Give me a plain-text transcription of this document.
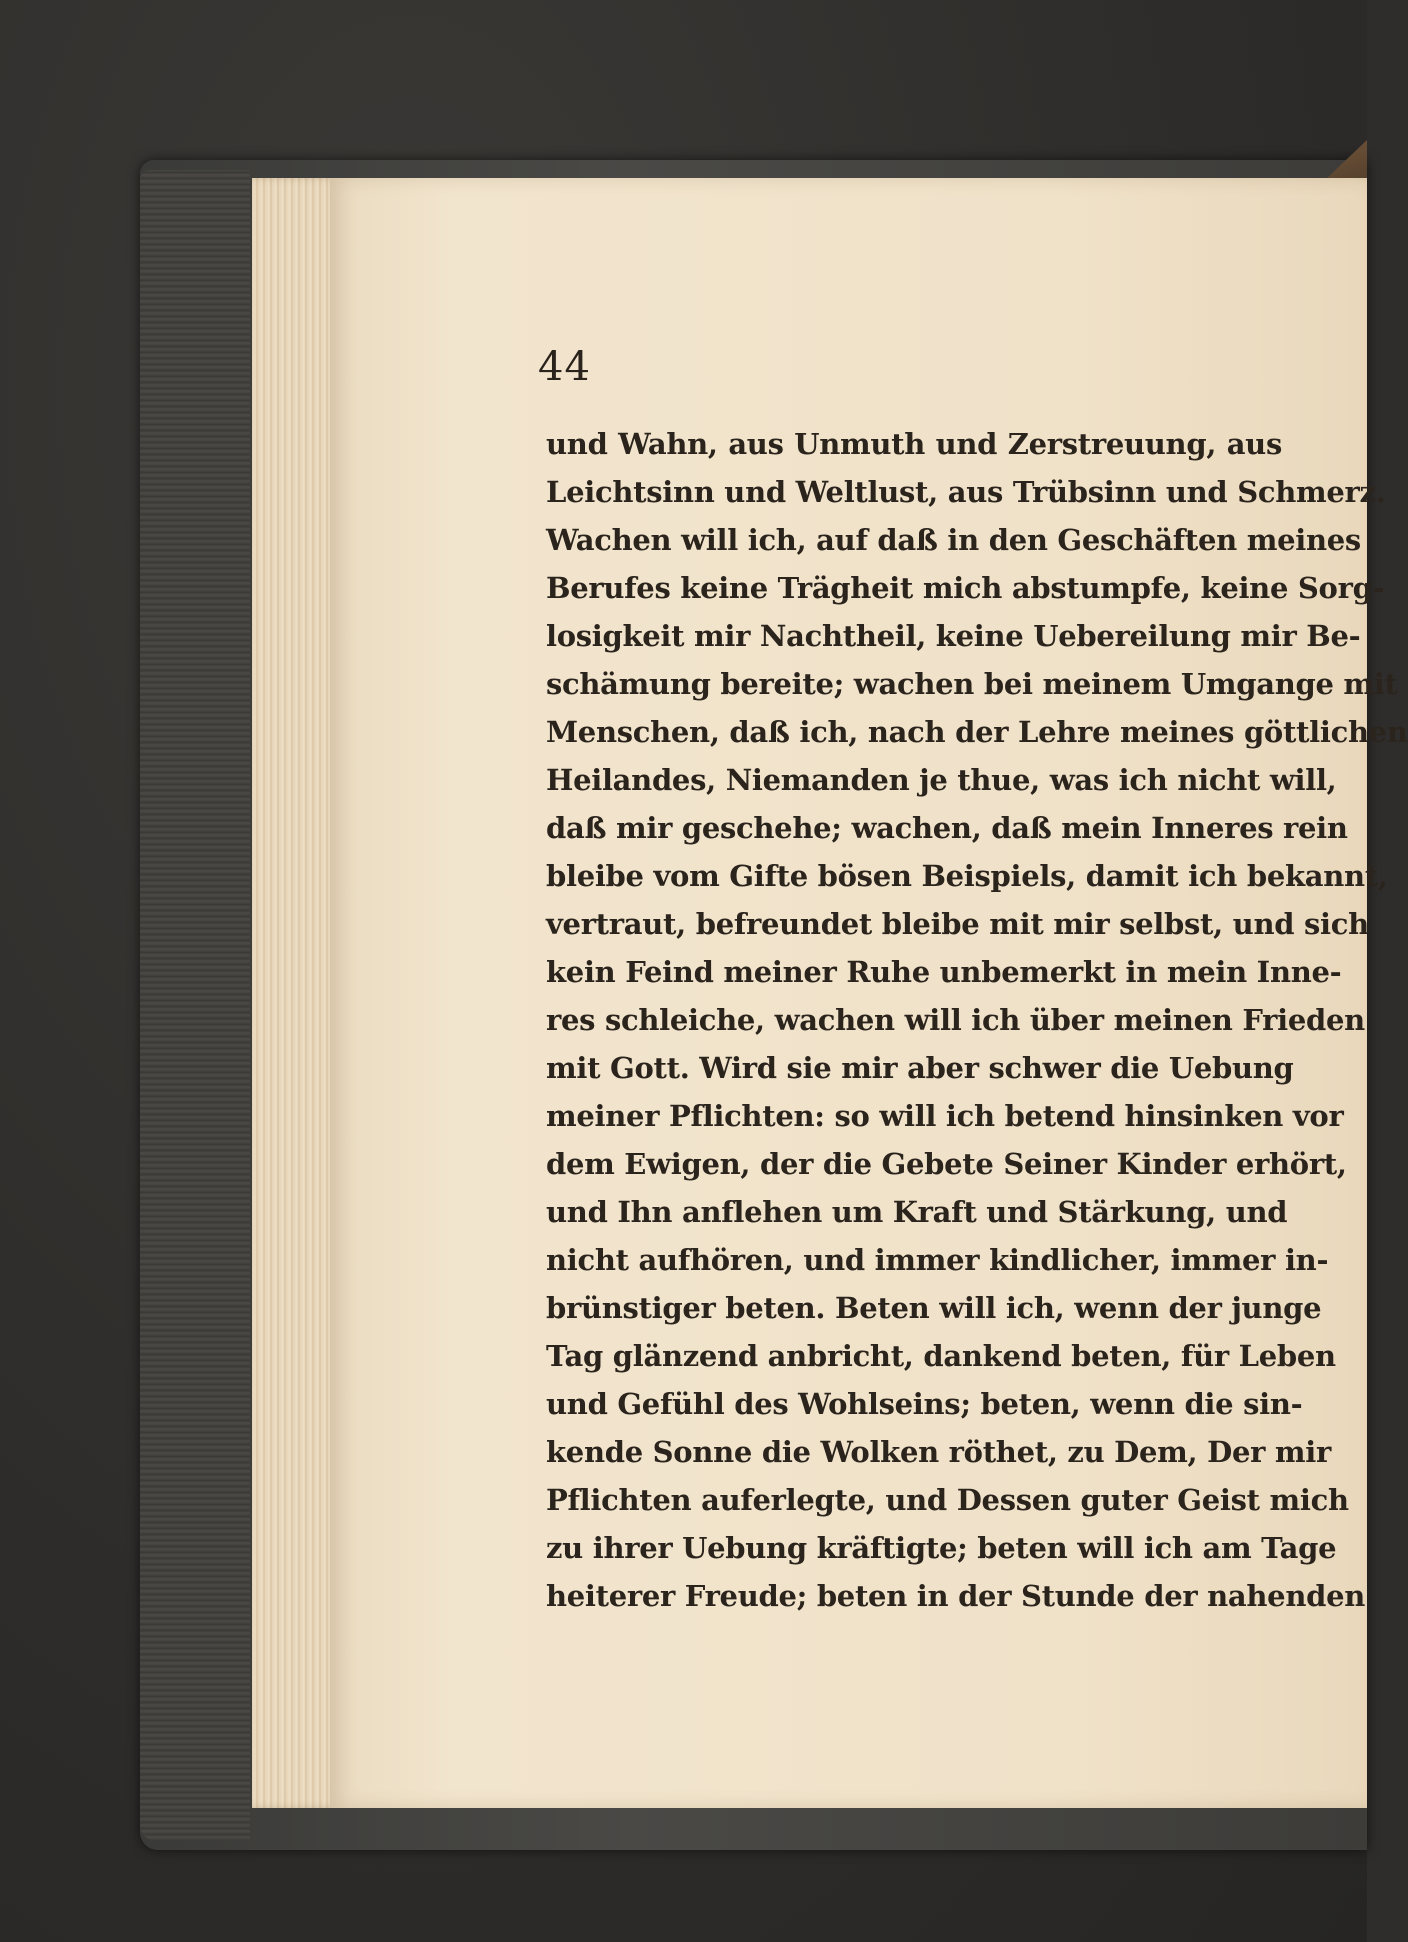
44
und Wahn, aus Unmuth und Zerstreuung, aus
Leichtsinn und Weltlust, aus Trübsinn und Schmerz.
Wachen will ich, auf daß in den Geschäften meines
Berufes keine Trägheit mich abstumpfe, keine Sorg-
losigkeit mir Nachtheil, keine Uebereilung mir Be-
schämung bereite; wachen bei meinem Umgange mit
Menschen, daß ich, nach der Lehre meines göttlichen
Heilandes, Niemanden je thue, was ich nicht will,
daß mir geschehe; wachen, daß mein Inneres rein
bleibe vom Gifte bösen Beispiels, damit ich bekannt,
vertraut, befreundet bleibe mit mir selbst, und sich
kein Feind meiner Ruhe unbemerkt in mein Inne-
res schleiche, wachen will ich über meinen Frieden
mit Gott. Wird sie mir aber schwer die Uebung
meiner Pflichten: so will ich betend hinsinken vor
dem Ewigen, der die Gebete Seiner Kinder erhört,
und Ihn anflehen um Kraft und Stärkung, und
nicht aufhören, und immer kindlicher, immer in-
brünstiger beten. Beten will ich, wenn der junge
Tag glänzend anbricht, dankend beten, für Leben
und Gefühl des Wohlseins; beten, wenn die sin-
kende Sonne die Wolken röthet, zu Dem, Der mir
Pflichten auferlegte, und Dessen guter Geist mich
zu ihrer Uebung kräftigte; beten will ich am Tage
heiterer Freude; beten in der Stunde der nahenden
